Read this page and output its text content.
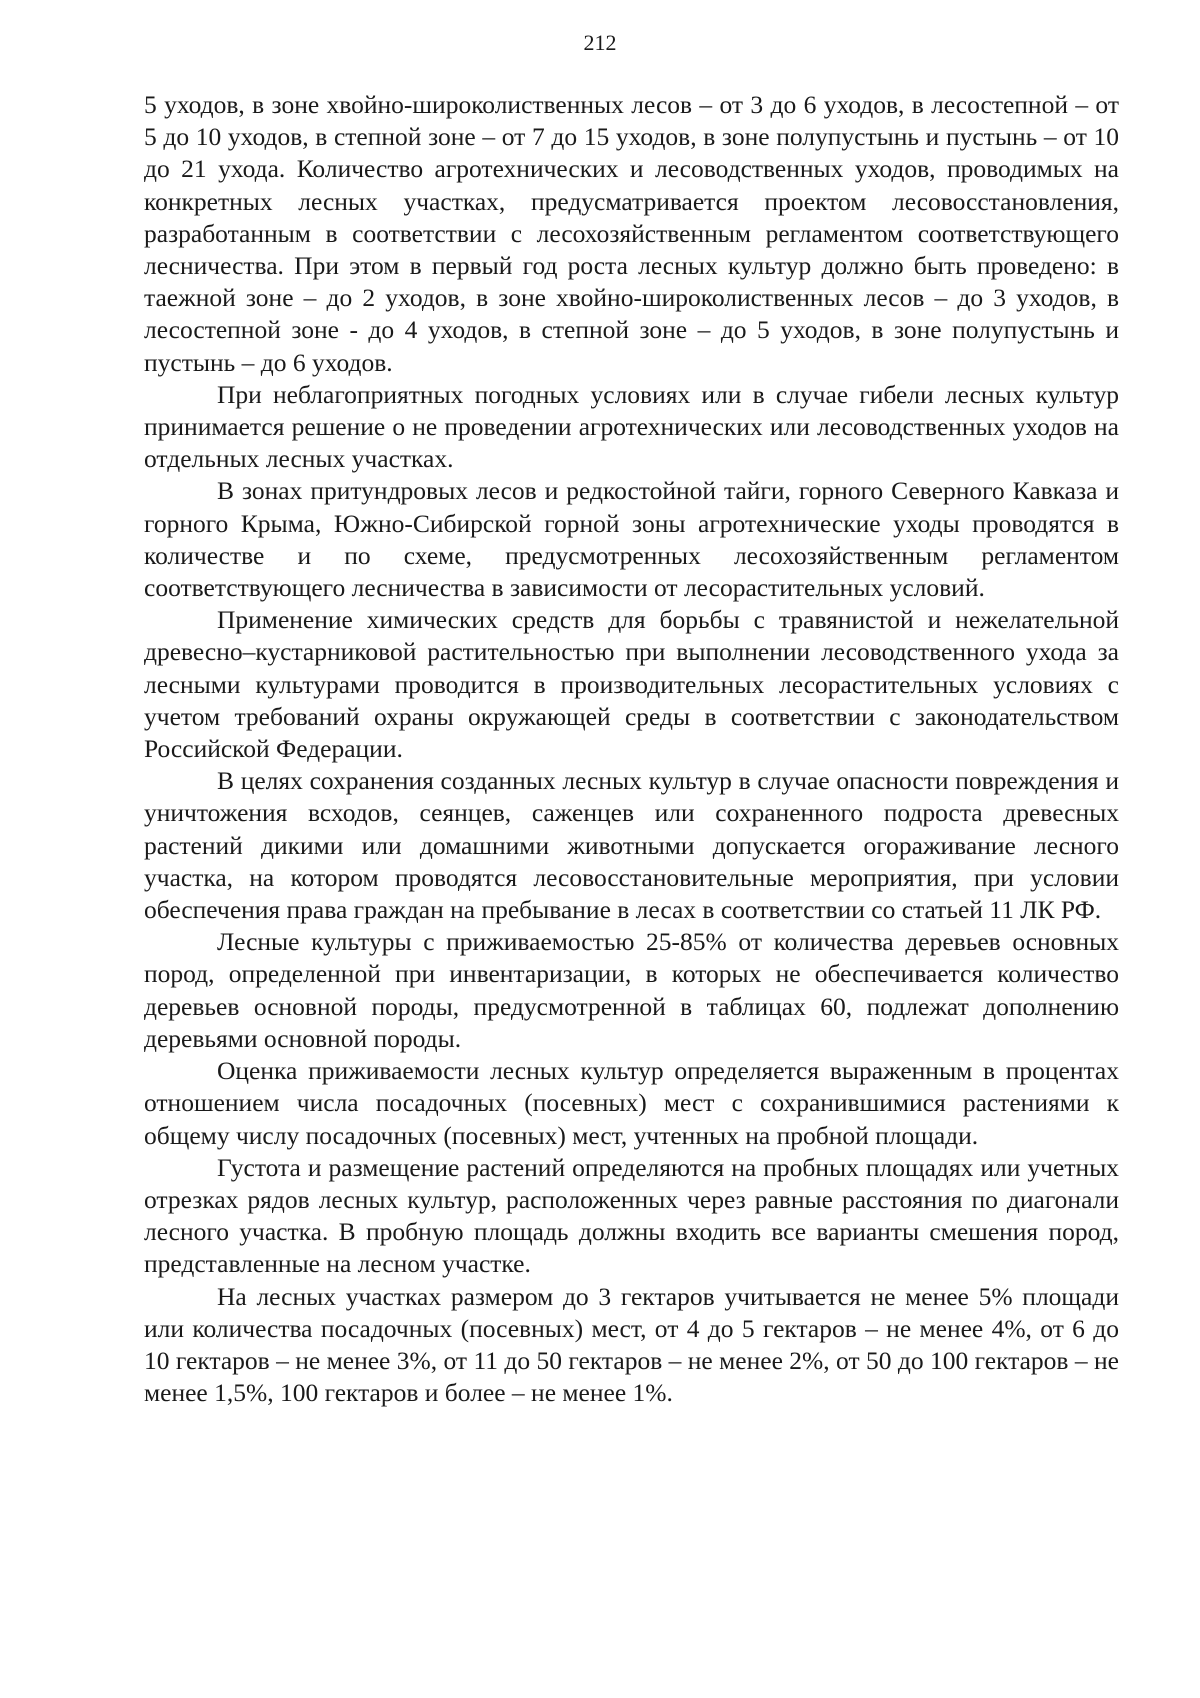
212

5 уходов, в зоне хвойно-широколиственных лесов – от 3 до 6 уходов, в лесостепной – от 5 до 10 уходов, в степной зоне – от 7 до 15 уходов, в зоне полупустынь и пустынь – от 10 до 21 ухода. Количество агротехнических и лесоводственных уходов, проводимых на конкретных лесных участках, предусматривается проектом лесовосстановления, разработанным в соответствии с лесохозяйственным регламентом соответствующего лесничества. При этом в первый год роста лесных культур должно быть проведено: в таежной зоне – до 2 уходов, в зоне хвойно-широколиственных лесов – до 3 уходов, в лесостепной зоне - до 4 уходов, в степной зоне – до 5 уходов, в зоне полупустынь и пустынь – до 6 уходов.

При неблагоприятных погодных условиях или в случае гибели лесных культур принимается решение о не проведении агротехнических или лесоводственных уходов на отдельных лесных участках.

В зонах притундровых лесов и редкостойной тайги, горного Северного Кавказа и горного Крыма, Южно-Сибирской горной зоны агротехнические уходы проводятся в количестве и по схеме, предусмотренных лесохозяйственным регламентом соответствующего лесничества в зависимости от лесорастительных условий.

Применение химических средств для борьбы с травянистой и нежелательной древесно–кустарниковой растительностью при выполнении лесоводственного ухода за лесными культурами проводится в производительных лесорастительных условиях с учетом требований охраны окружающей среды в соответствии с законодательством Российской Федерации.

В целях сохранения созданных лесных культур в случае опасности повреждения и уничтожения всходов, сеянцев, саженцев или сохраненного подроста древесных растений дикими или домашними животными допускается огораживание лесного участка, на котором проводятся лесовосстановительные мероприятия, при условии обеспечения права граждан на пребывание в лесах в соответствии со статьей 11 ЛК РФ.

Лесные культуры с приживаемостью 25-85% от количества деревьев основных пород, определенной при инвентаризации, в которых не обеспечивается количество деревьев основной породы, предусмотренной в таблицах 60, подлежат дополнению деревьями основной породы.

Оценка приживаемости лесных культур определяется выраженным в процентах отношением числа посадочных (посевных) мест с сохранившимися растениями к общему числу посадочных (посевных) мест, учтенных на пробной площади.

Густота и размещение растений определяются на пробных площадях или учетных отрезках рядов лесных культур, расположенных через равные расстояния по диагонали лесного участка. В пробную площадь должны входить все варианты смешения пород, представленные на лесном участке.

На лесных участках размером до 3 гектаров учитывается не менее 5% площади или количества посадочных (посевных) мест, от 4 до 5 гектаров – не менее 4%, от 6 до 10 гектаров – не менее 3%, от 11 до 50 гектаров – не менее 2%, от 50 до 100 гектаров – не менее 1,5%, 100 гектаров и более – не менее 1%.
